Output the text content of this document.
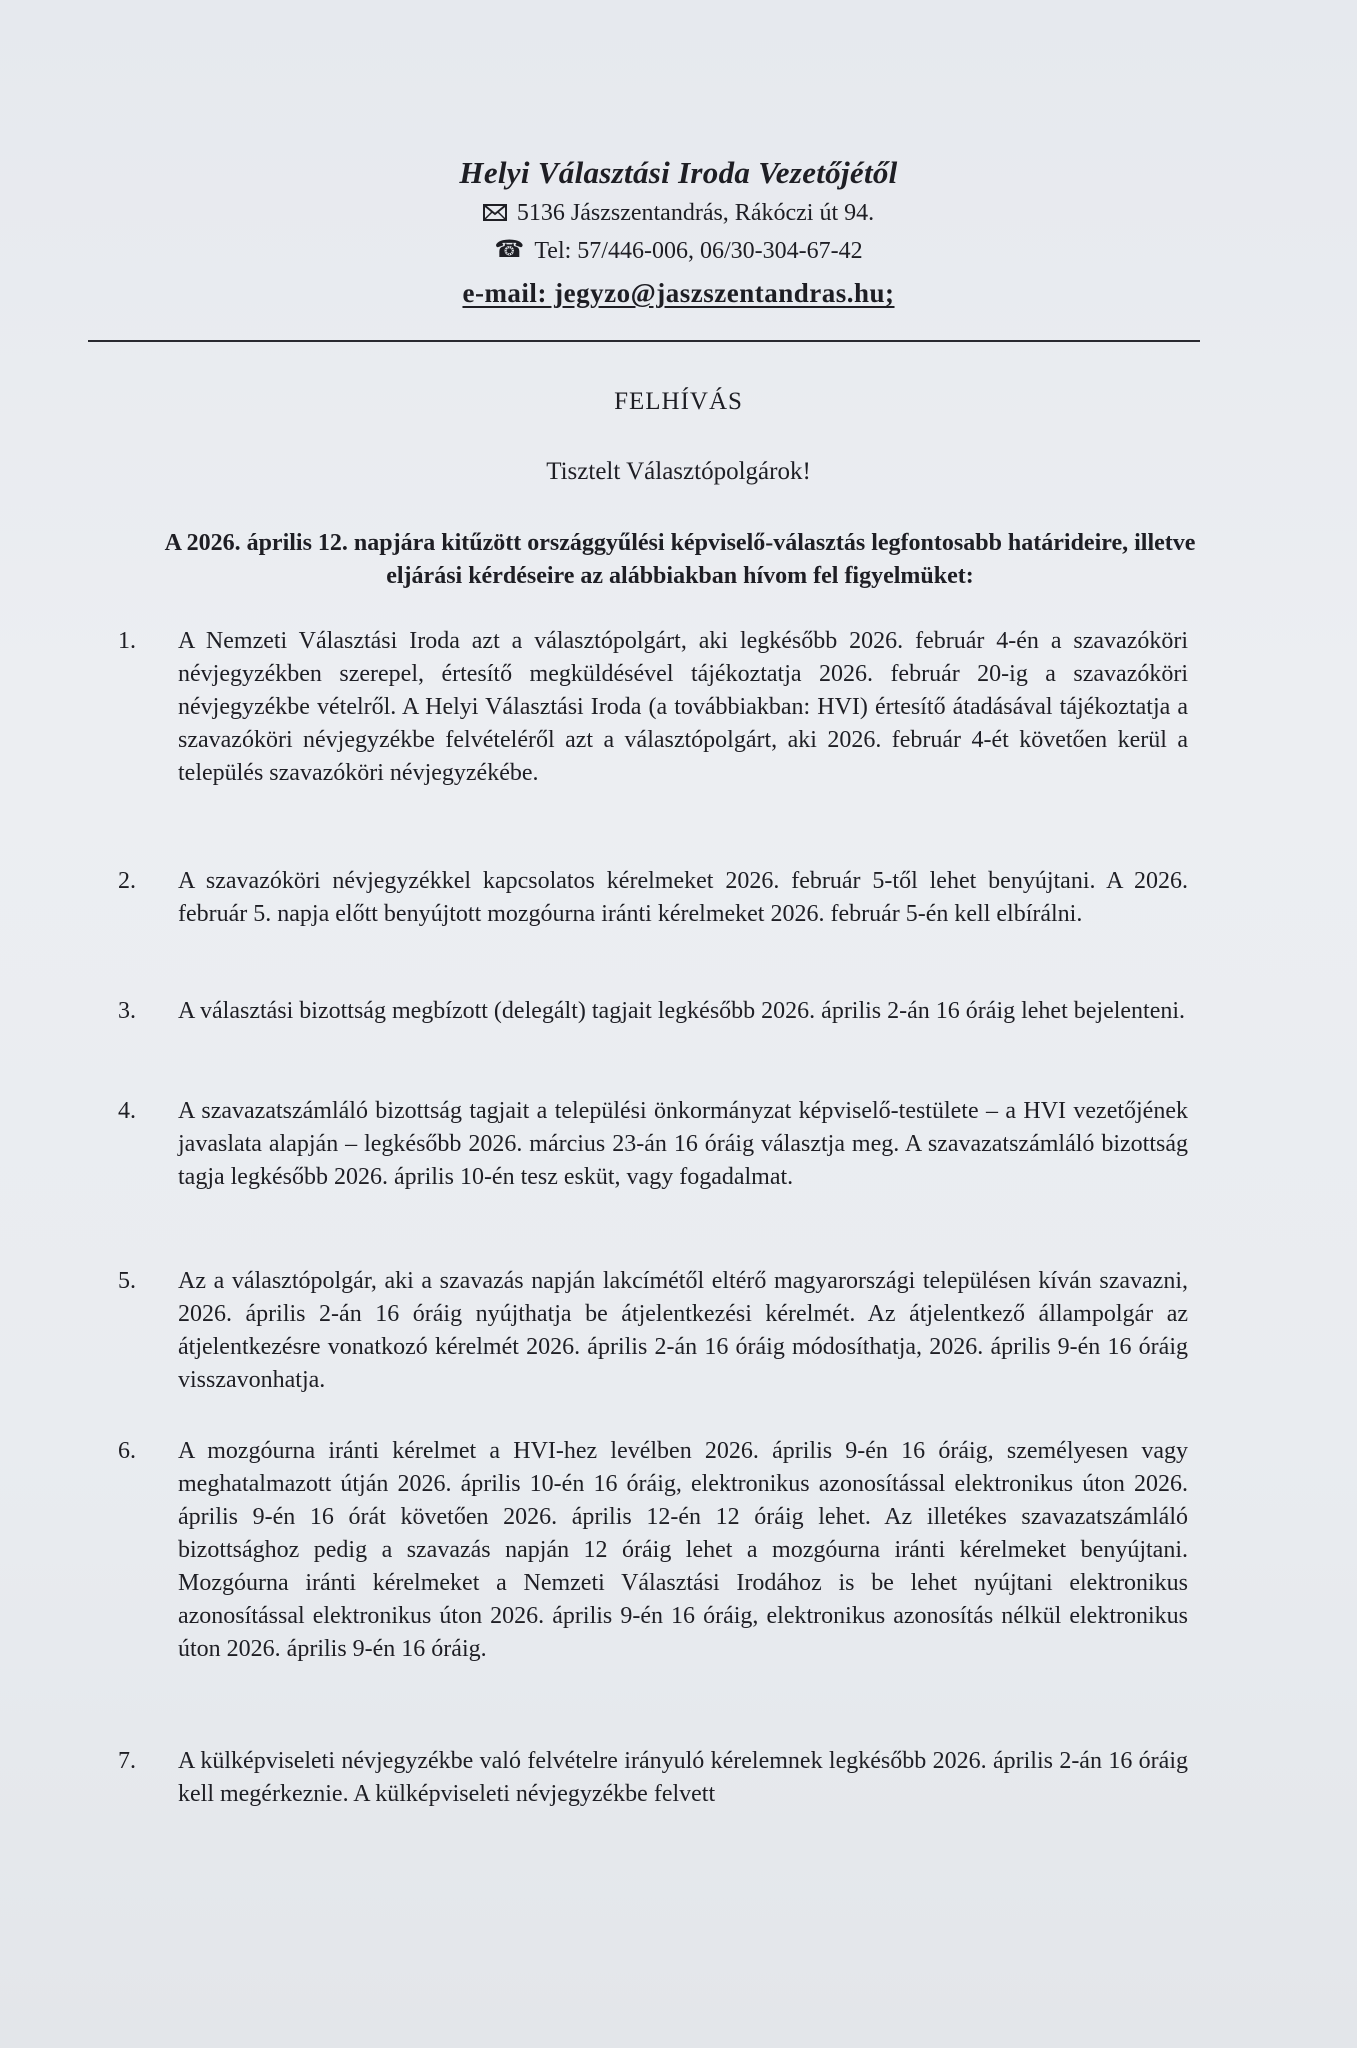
Helyi Választási Iroda Vezetőjétől
5136 Jászszentandrás, Rákóczi út 94.
☎ Tel: 57/446-006, 06/30-304-67-42
e-mail: jegyzo@jaszszentandras.hu;
FELHÍVÁS
Tisztelt Választópolgárok!
A 2026. április 12. napjára kitűzött országgyűlési képviselő-választás legfontosabb határideire, illetve eljárási kérdéseire az alábbiakban hívom fel figyelmüket:
1.	A Nemzeti Választási Iroda azt a választópolgárt, aki legkésőbb 2026. február 4-én a szavazóköri névjegyzékben szerepel, értesítő megküldésével tájékoztatja 2026. február 20-ig a szavazóköri névjegyzékbe vételről. A Helyi Választási Iroda (a továbbiakban: HVI) értesítő átadásával tájékoztatja a szavazóköri névjegyzékbe felvételéről azt a választópolgárt, aki 2026. február 4-ét követően kerül a település szavazóköri névjegyzékébe.
2.	A szavazóköri névjegyzékkel kapcsolatos kérelmeket 2026. február 5-től lehet benyújtani. A 2026. február 5. napja előtt benyújtott mozgóurna iránti kérelmeket 2026. február 5-én kell elbírálni.
3.	A választási bizottság megbízott (delegált) tagjait legkésőbb 2026. április 2-án 16 óráig lehet bejelenteni.
4.	A szavazatszámláló bizottság tagjait a települési önkormányzat képviselő-testülete – a HVI vezetőjének javaslata alapján – legkésőbb 2026. március 23-án 16 óráig választja meg. A szavazatszámláló bizottság tagja legkésőbb 2026. április 10-én tesz esküt, vagy fogadalmat.
5.	Az a választópolgár, aki a szavazás napján lakcímétől eltérő magyarországi településen kíván szavazni, 2026. április 2-án 16 óráig nyújthatja be átjelentkezési kérelmét. Az átjelentkező állampolgár az átjelentkezésre vonatkozó kérelmét 2026. április 2-án 16 óráig módosíthatja, 2026. április 9-én 16 óráig visszavonhatja.
6.	A mozgóurna iránti kérelmet a HVI-hez levélben 2026. április 9-én 16 óráig, személyesen vagy meghatalmazott útján 2026. április 10-én 16 óráig, elektronikus azonosítással elektronikus úton 2026. április 9-én 16 órát követően 2026. április 12-én 12 óráig lehet. Az illetékes szavazatszámláló bizottsághoz pedig a szavazás napján 12 óráig lehet a mozgóurna iránti kérelmeket benyújtani. Mozgóurna iránti kérelmeket a Nemzeti Választási Irodához is be lehet nyújtani elektronikus azonosítással elektronikus úton 2026. április 9-én 16 óráig, elektronikus azonosítás nélkül elektronikus úton 2026. április 9-én 16 óráig.
7.	A külképviseleti névjegyzékbe való felvételre irányuló kérelemnek legkésőbb 2026. április 2-án 16 óráig kell megérkeznie. A külképviseleti névjegyzékbe felvett
